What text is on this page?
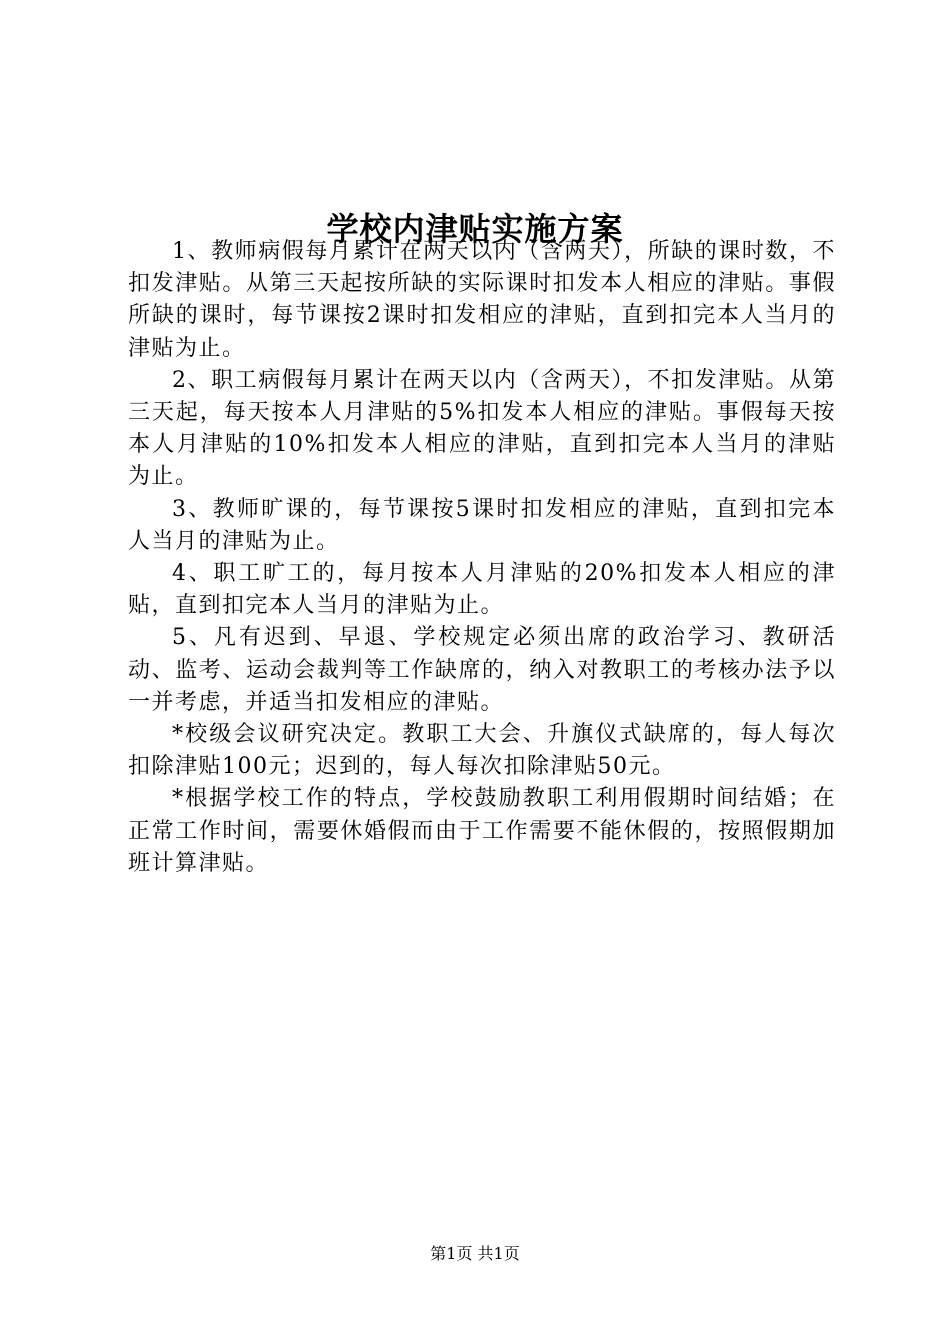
学校内津贴实施方案

1、教师病假每月累计在两天以内（含两天），所缺的课时数，不扣发津贴。从第三天起按所缺的实际课时扣发本人相应的津贴。事假所缺的课时，每节课按2课时扣发相应的津贴，直到扣完本人当月的津贴为止。

2、职工病假每月累计在两天以内（含两天），不扣发津贴。从第三天起，每天按本人月津贴的5%扣发本人相应的津贴。事假每天按本人月津贴的10%扣发本人相应的津贴，直到扣完本人当月的津贴为止。

3、教师旷课的，每节课按5课时扣发相应的津贴，直到扣完本人当月的津贴为止。

4、职工旷工的，每月按本人月津贴的20%扣发本人相应的津贴，直到扣完本人当月的津贴为止。

5、凡有迟到、早退、学校规定必须出席的政治学习、教研活动、监考、运动会裁判等工作缺席的，纳入对教职工的考核办法予以一并考虑，并适当扣发相应的津贴。

*校级会议研究决定。教职工大会、升旗仪式缺席的，每人每次扣除津贴100元；迟到的，每人每次扣除津贴50元。

*根据学校工作的特点，学校鼓励教职工利用假期时间结婚；在正常工作时间，需要休婚假而由于工作需要不能休假的，按照假期加班计算津贴。

第1页 共1页
